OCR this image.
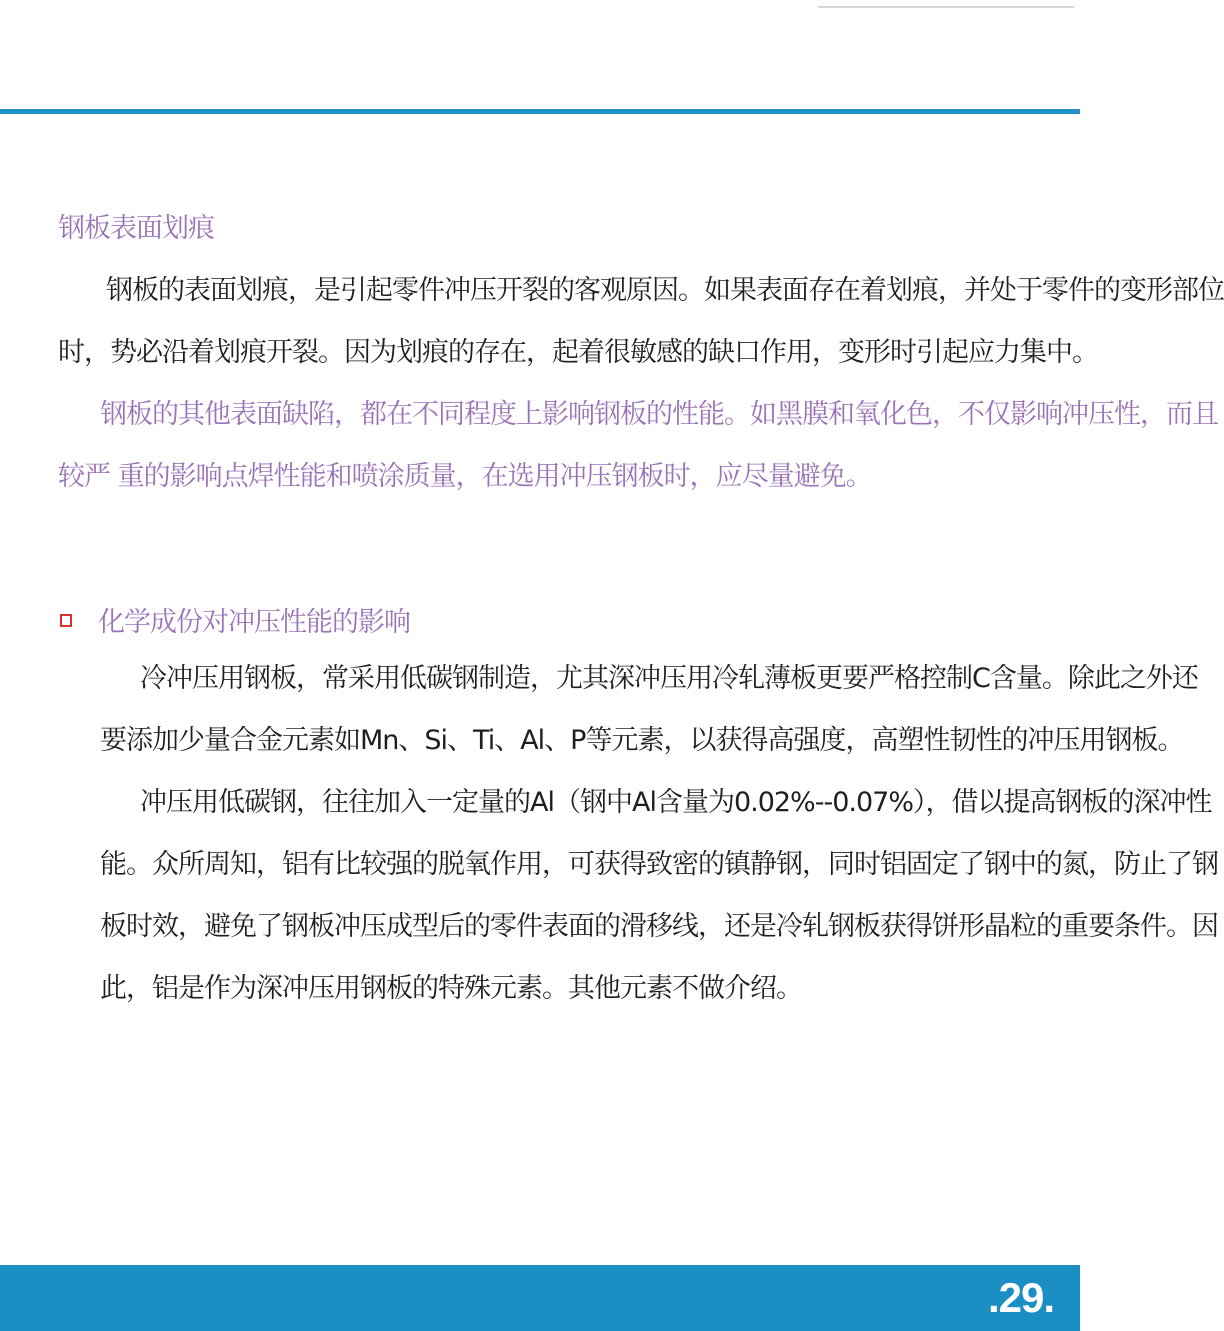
钢板表面划痕
钢板的表面划痕，是引起零件冲压开裂的客观原因。如果表面存在着划痕，并处于零件的变形部位
时，势必沿着划痕开裂。因为划痕的存在，起着很敏感的缺口作用，变形时引起应力集中。
钢板的其他表面缺陷，都在不同程度上影响钢板的性能。如黑膜和氧化色，不仅影响冲压性，而且
较严 重的影响点焊性能和喷涂质量，在选用冲压钢板时，应尽量避免。
化学成份对冲压性能的影响
冷冲压用钢板，常采用低碳钢制造，尤其深冲压用冷轧薄板更要严格控制C含量。除此之外还
要添加少量合金元素如Mn、Si、Ti、Al、P等元素，以获得高强度，高塑性韧性的冲压用钢板。
冲压用低碳钢，往往加入一定量的Al（钢中Al含量为0.02%--0.07%），借以提高钢板的深冲性
能。众所周知，铝有比较强的脱氧作用，可获得致密的镇静钢，同时铝固定了钢中的氮，防止了钢
板时效，避免了钢板冲压成型后的零件表面的滑移线，还是冷轧钢板获得饼形晶粒的重要条件。因
此，铝是作为深冲压用钢板的特殊元素。其他元素不做介绍。
.29.
